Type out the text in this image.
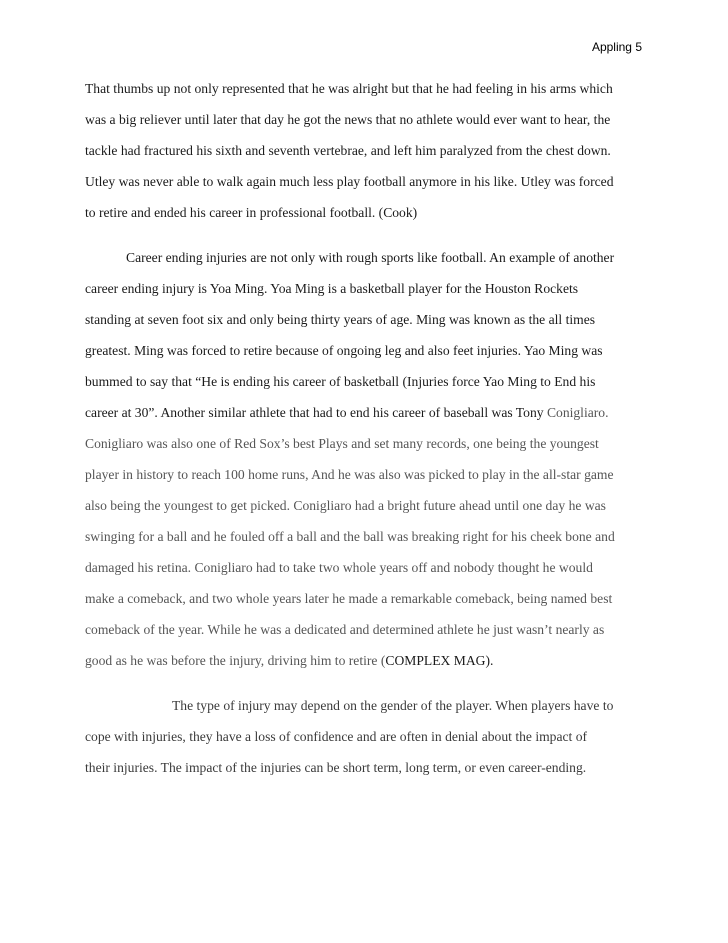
Appling 5
That thumbs up not only represented that he was alright but that he had feeling in his arms which
was a big reliever until later that day he got the news that no athlete would ever want to hear, the
tackle had fractured his sixth and seventh vertebrae, and left him paralyzed from the chest down.
Utley was never able to walk again much less play football anymore in his like. Utley was forced
to retire and ended his career in professional football. (Cook)
Career ending injuries are not only with rough sports like football. An example of another
career ending injury is Yoa Ming. Yoa Ming is a basketball player for the Houston Rockets
standing at seven foot six and only being thirty years of age. Ming was known as the all times
greatest. Ming was forced to retire because of ongoing leg and also feet injuries. Yao Ming was
bummed to say that “He is ending his career of basketball (Injuries force Yao Ming to End his
career at 30”. Another similar athlete that had to end his career of baseball was Tony Conigliaro.
Conigliaro was also one of Red Sox’s best Plays and set many records, one being the youngest
player in history to reach 100 home runs, And he was also was picked to play in the all-star game
also being the youngest to get picked. Conigliaro had a bright future ahead until one day he was
swinging for a ball and he fouled off a ball and the ball was breaking right for his cheek bone and
damaged his retina. Conigliaro had to take two whole years off and nobody thought he would
make a comeback, and two whole years later he made a remarkable comeback, being named best
comeback of the year. While he was a dedicated and determined athlete he just wasn’t nearly as
good as he was before the injury, driving him to retire (COMPLEX MAG).
The type of injury may depend on the gender of the player. When players have to
cope with injuries, they have a loss of confidence and are often in denial about the impact of
their injuries. The impact of the injuries can be short term, long term, or even career-ending.
